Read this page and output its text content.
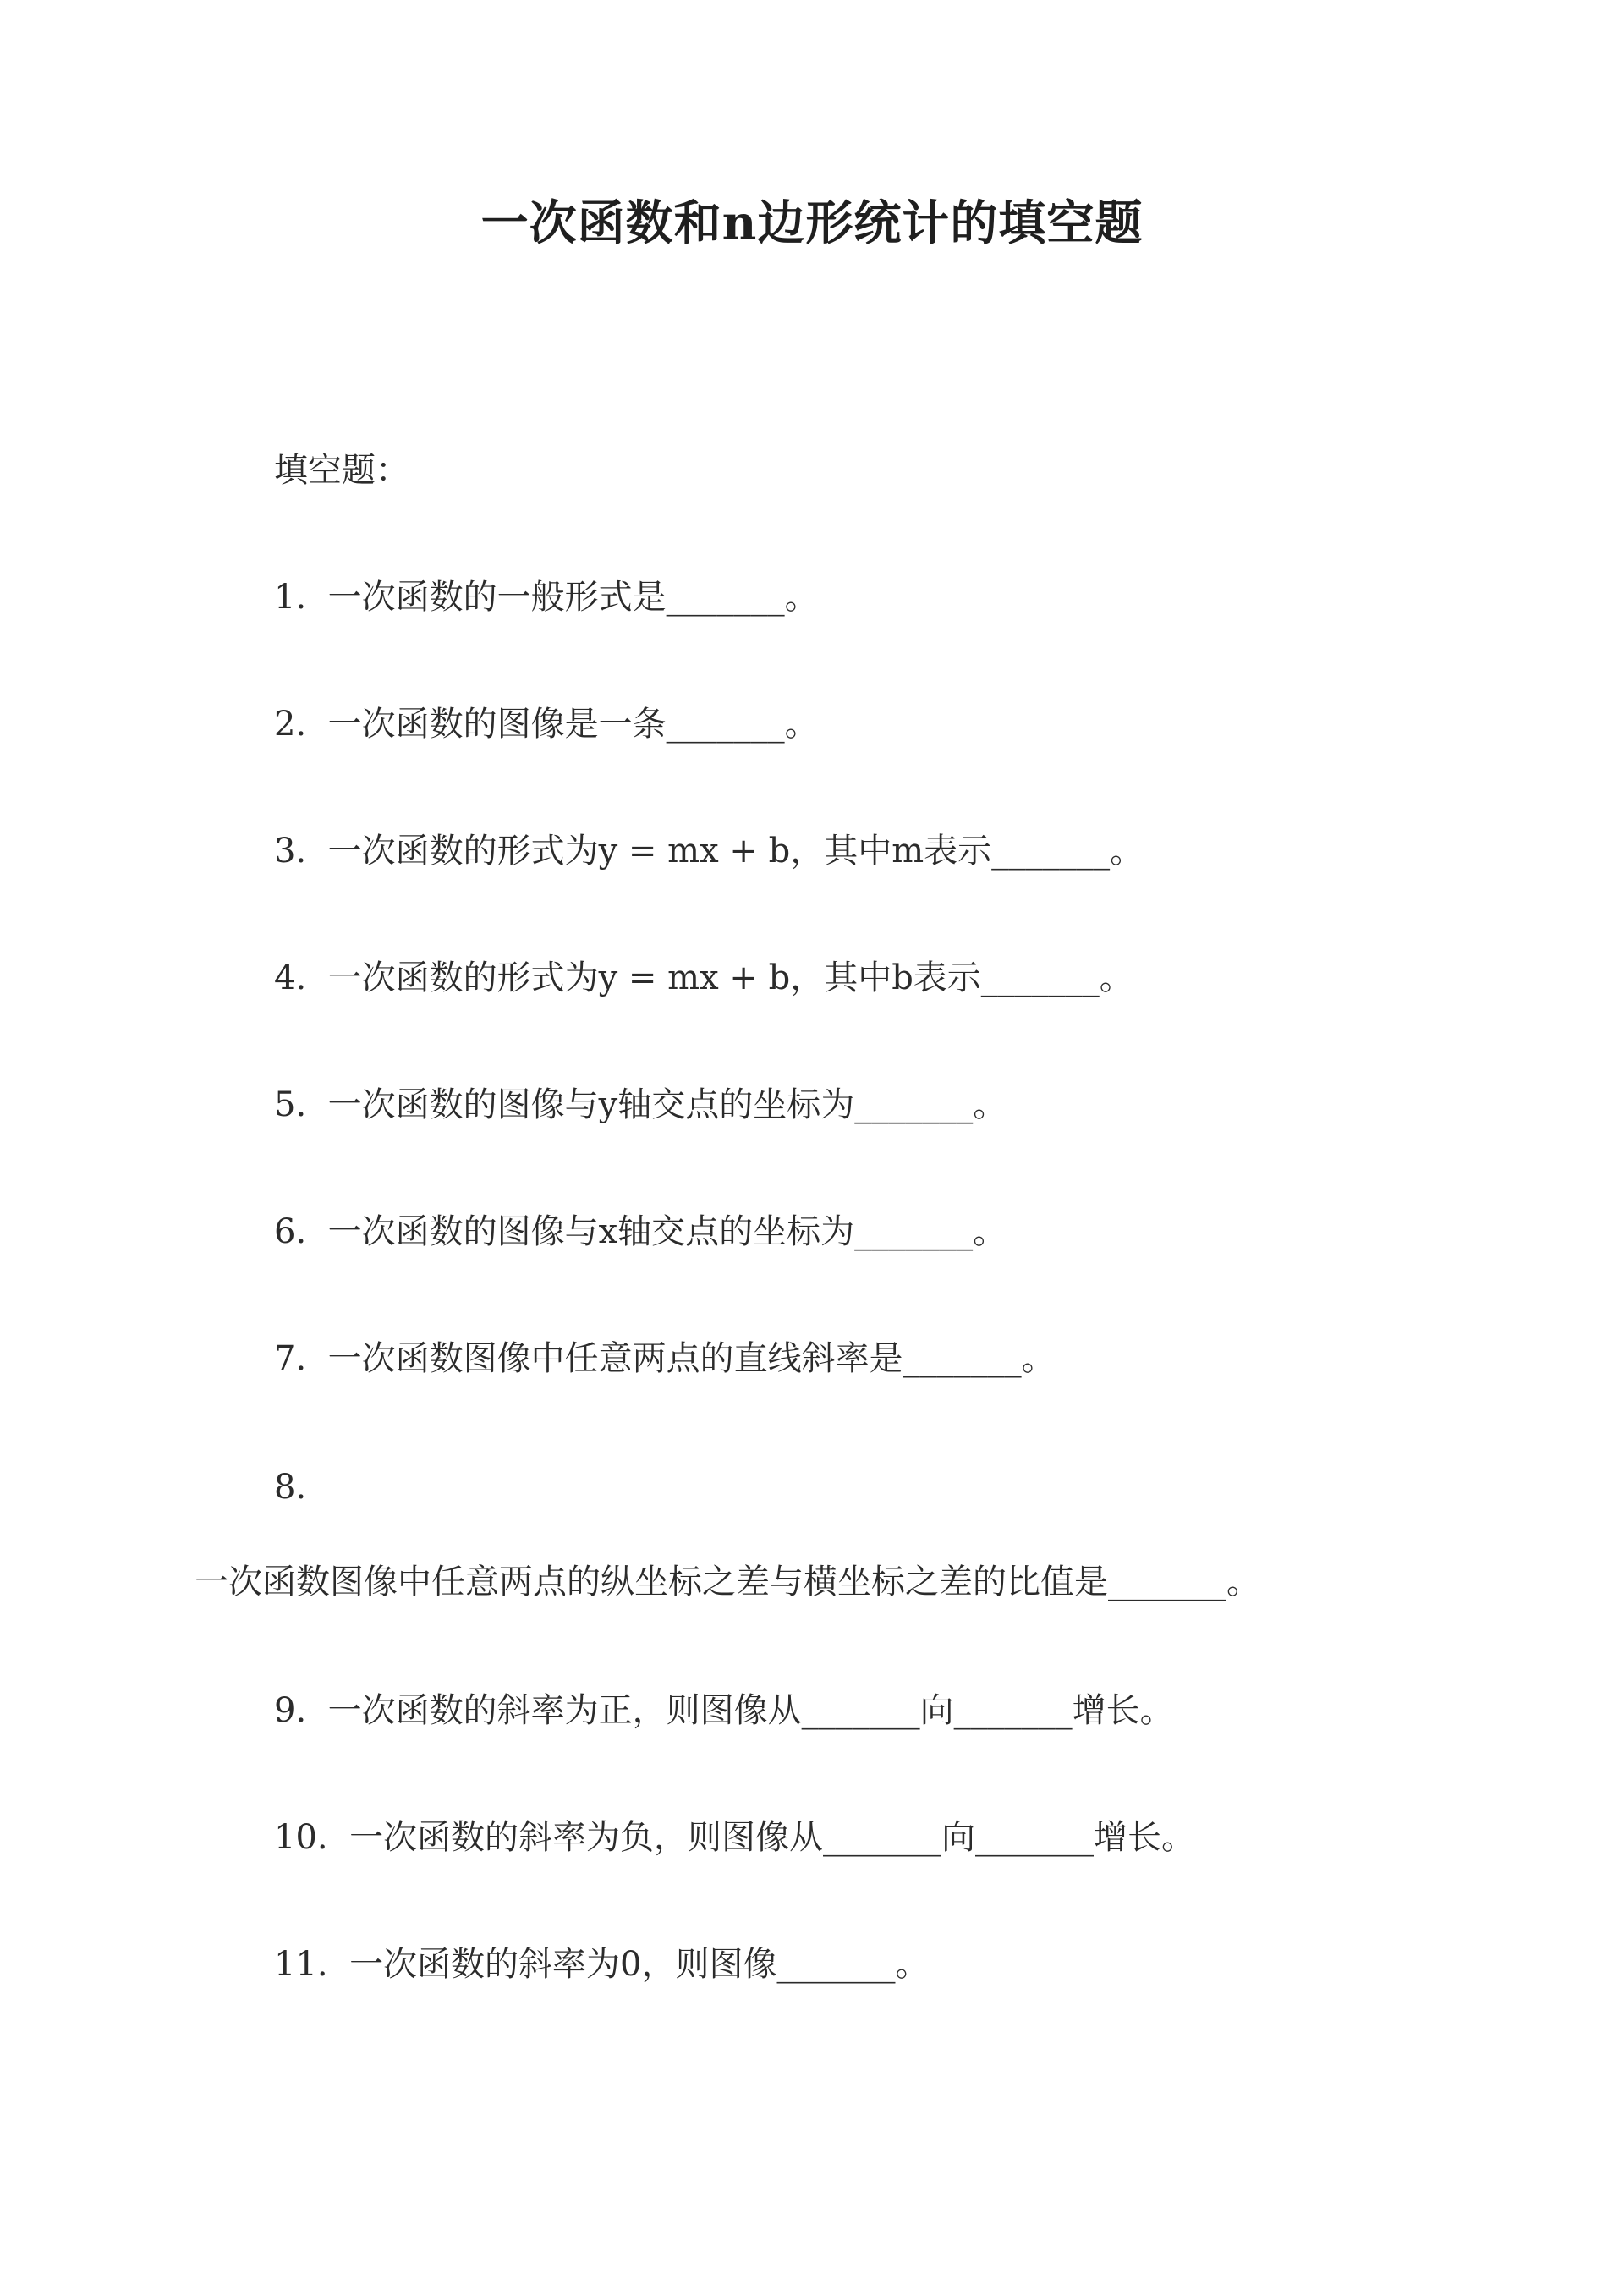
一次函数和n边形统计的填空题
填空题：
1. 一次函数的一般形式是_______。
2. 一次函数的图像是一条_______。
3. 一次函数的形式为y = mx + b，其中m表示_______。
4. 一次函数的形式为y = mx + b，其中b表示_______。
5. 一次函数的图像与y轴交点的坐标为_______。
6. 一次函数的图像与x轴交点的坐标为_______。
7. 一次函数图像中任意两点的直线斜率是_______。
8.
一次函数图像中任意两点的纵坐标之差与横坐标之差的比值是_______。
9. 一次函数的斜率为正，则图像从_______向_______增长。
10. 一次函数的斜率为负，则图像从_______向_______增长。
11. 一次函数的斜率为0，则图像_______。
